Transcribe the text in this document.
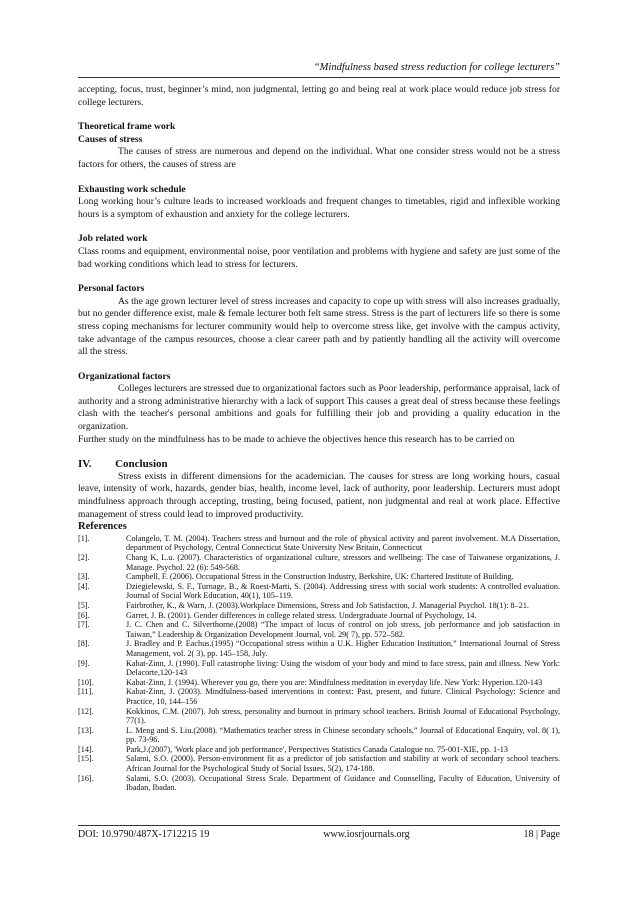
“Mindfulness based stress reduction for college lecturers”

accepting, focus, trust, beginner’s mind, non judgmental, letting go and being real at work place would reduce job stress for college lecturers.

Theoretical frame work

Causes of stress

The causes of stress are numerous and depend on the individual. What one consider stress would not be a stress factors for others, the causes of stress are

Exhausting work schedule

Long working hour’s culture leads to increased workloads and frequent changes to timetables, rigid and inflexible working hours is a symptom of exhaustion and anxiety for the college lecturers.

Job related work

Class rooms and equipment, environmental noise, poor ventilation and problems with hygiene and safety are just some of the bad working conditions which lead to stress for lecturers.

Personal factors

As the age grown lecturer level of stress increases and capacity to cope up with stress will also increases gradually, but no gender difference exist, male & female lecturer both felt same stress. Stress is the part of lecturers life so there is some stress coping mechanisms for lecturer community would help to overcome stress like, get involve with the campus activity, take advantage of the campus resources, choose a clear career path and by patiently handling all the activity will overcome all the stress.

Organizational factors

Colleges lecturers are stressed due to organizational factors such as Poor leadership, performance appraisal, lack of authority and a strong administrative hierarchy with a lack of support This causes a great deal of stress because these feelings clash with the teacher's personal ambitions and goals for fulfilling their job and providing a quality education in the organization.

Further study on the mindfulness has to be made to achieve the objectives hence this research has to be carried on

IV. Conclusion

Stress exists in different dimensions for the academician. The causes for stress are long working hours, casual leave, intensity of work, hazards, gender bias, health, income level, lack of authority, poor leadership. Lecturers must adopt mindfulness approach through accepting, trusting, being focused, patient, non judgmental and real at work place. Effective management of stress could lead to improved productivity.

References

[1].	Colangelo, T. M. (2004). Teachers stress and burnout and the role of physical activity and parent involvement. M.A Dissertation, department of Psychology, Central Connecticut State University New Britain, Connecticut
[2].	Chang K, L.u. (2007). Characteristics of organizational culture, stressors and wellbeing: The case of Taiwanese organizations, J. Manage. Psychol. 22 (6): 549-568.
[3].	Campbell, F. (2006). Occupational Stress in the Construction Industry, Berkshire, UK: Chartered Institute of Building.
[4].	Dziegielewski, S. F., Turnage, B., & Roest-Marti, S. (2004). Addressing stress with social work students: A controlled evaluation. Journal of Social Work Education, 40(1), 105–119.
[5].	Fairbrother, K., & Warn, J. (2003).Workplace Dimensions, Stress and Job Satisfaction, J. Managerial Psychol. 18(1): 8–21.
[6].	Garret, J. B. (2001). Gender differences in college related stress. Undergraduate Journal of Psychology, 14.
[7].	J. C. Chen and C. Silverthorne.(2008) “The impact of locus of control on job stress, job performance and job satisfaction in Taiwan,” Leadership & Organization Development Journal, vol. 29( 7), pp. 572–582.
[8].	J. Bradley and P. Eachus.(1995) “Occupational stress within a U.K. Higher Education Institution,” International Journal of Stress Management, vol. 2( 3), pp. 145–158, July.
[9].	Kabat-Zinn, J. (1990). Full catastrophe living: Using the wisdom of your body and mind to face stress, pain and illness. New York: Delacorte,120-143
[10].	Kabat-Zinn, J. (1994). Wherever you go, there you are: Mindfulness meditation in everyday life. New York: Hyperion.120-143
[11].	Kabat-Zinn, J. (2003). Mindfulness-based interventions in context: Past, present, and future. Clinical Psychology: Science and Practice, 10, 144–156
[12].	Kokkinos, C.M. (2007). Job stress, personality and burnout in primary school teachers. British Journal of Educational Psychology, 77(1).
[13].	L. Meng and S. Liu.(2008). “Mathematics teacher stress in Chinese secondary schools,” Journal of Educational Enquiry, vol. 8( 1), pp. 73-96.
[14].	Park,J.(2007), 'Work place and job performance', Perspectives Statistics Canada Catalogue no. 75-001-XIE, pp. 1-13
[15].	Salami, S.O. (2000). Person-environment fit as a predictor of job satisfaction and stability at work of secondary school teachers. African Journal for the Psychological Study of Social Issues, 5(2), 174-188.
[16].	Salami, S.O. (2003). Occupational Stress Scale. Department of Guidance and Counselling, Faculty of Education, University of Ibadan, Ibadan.
DOI: 10.9790/487X-1712215 19	www.iosrjournals.org	18 | Page
